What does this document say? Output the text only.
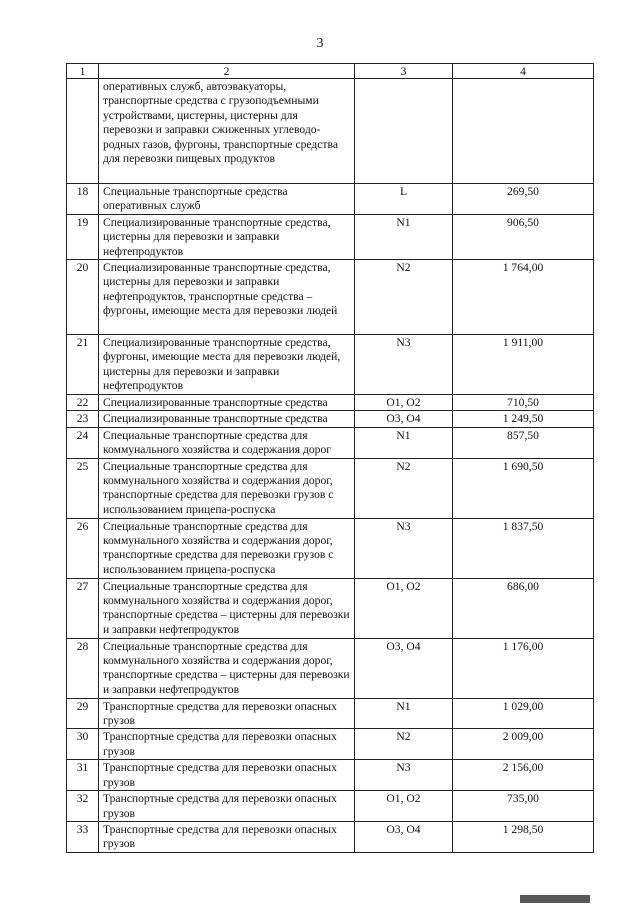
3
1	2	3	4
	оперативных служб, автоэвакуаторы, транспортные средства с грузоподъемными устройствами, цистерны, цистерны для перевозки и заправки сжиженных углеводо-родных газов, фургоны, транспортные средства для перевозки пищевых продуктов		
18	Специальные транспортные средства оперативных служб	L	269,50
19	Специализированные транспортные средства, цистерны для перевозки и заправки нефтепродуктов	N1	906,50
20	Специализированные транспортные средства, цистерны для перевозки и заправки нефтепродуктов, транспортные средства – фургоны, имеющие места для перевозки людей	N2	1 764,00
21	Специализированные транспортные средства, фургоны, имеющие места для перевозки людей, цистерны для перевозки и заправки нефтепродуктов	N3	1 911,00
22	Специализированные транспортные средства	O1, O2	710,50
23	Специализированные транспортные средства	O3, O4	1 249,50
24	Специальные транспортные средства для коммунального хозяйства и содержания дорог	N1	857,50
25	Специальные транспортные средства для коммунального хозяйства и содержания дорог, транспортные средства для перевозки грузов с использованием прицепа-роспуска	N2	1 690,50
26	Специальные транспортные средства для коммунального хозяйства и содержания дорог, транспортные средства для перевозки грузов с использованием прицепа-роспуска	N3	1 837,50
27	Специальные транспортные средства для коммунального хозяйства и содержания дорог, транспортные средства – цистерны для перевозки и заправки нефтепродуктов	O1, O2	686,00
28	Специальные транспортные средства для коммунального хозяйства и содержания дорог, транспортные средства – цистерны для перевозки и заправки нефтепродуктов	O3, O4	1 176,00
29	Транспортные средства для перевозки опасных грузов	N1	1 029,00
30	Транспортные средства для перевозки опасных грузов	N2	2 009,00
31	Транспортные средства для перевозки опасных грузов	N3	2 156,00
32	Транспортные средства для перевозки опасных грузов	O1, O2	735,00
33	Транспортные средства для перевозки опасных грузов	O3, O4	1 298,50
